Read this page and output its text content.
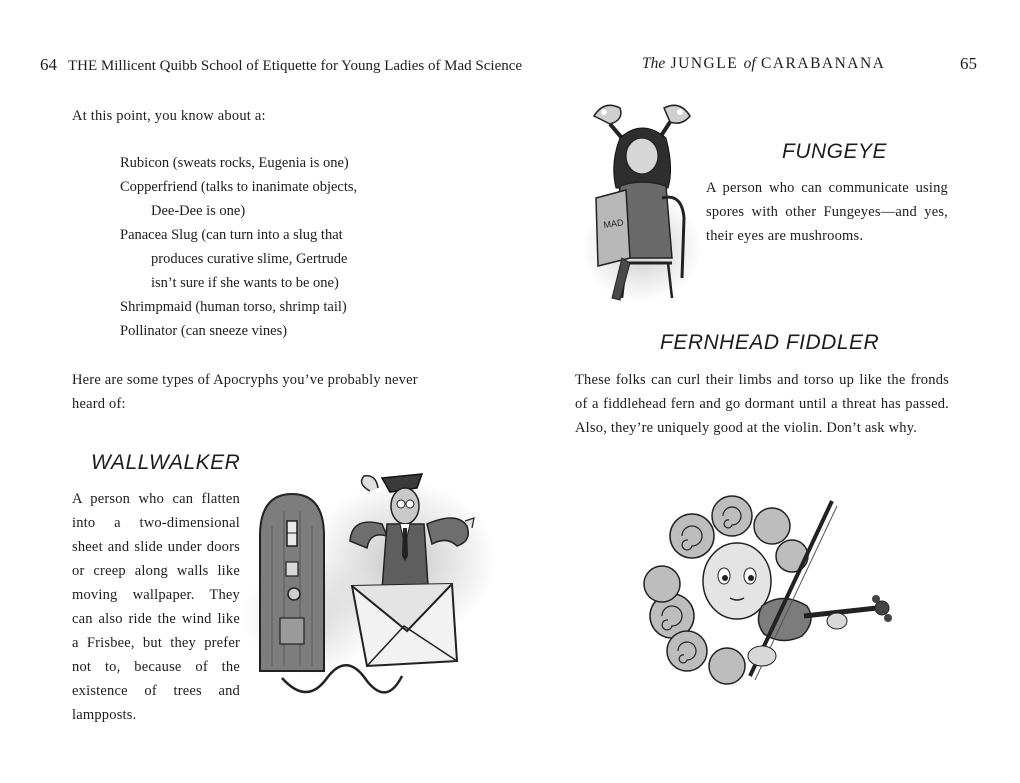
64 THE Millicent Quibb School of Etiquette for Young Ladies of Mad Science
At this point, you know about a:
Rubicon (sweats rocks, Eugenia is one)
Copperfriend (talks to inanimate objects,
Dee-Dee is one)
Panacea Slug (can turn into a slug that
produces curative slime, Gertrude
isn’t sure if she wants to be one)
Shrimpmaid (human torso, shrimp tail)
Pollinator (can sneeze vines)
Here are some types of Apocryphs you’ve probably never heard of:
WALLWALKER
A person who can flatten into a two-dimensional sheet and slide under doors or creep along walls like moving wallpaper. They can also ride the wind like a Frisbee, but they prefer not to, because of the existence of trees and lampposts.
The JUNGLE of CARABANANA	65
MAD
FUNGEYE
A person who can communicate using spores with other Fungeyes—and yes, their eyes are mushrooms.
FERNHEAD FIDDLER
These folks can curl their limbs and torso up like the fronds of a fiddlehead fern and go dormant until a threat has passed. Also, they’re uniquely good at the violin. Don’t ask why.
